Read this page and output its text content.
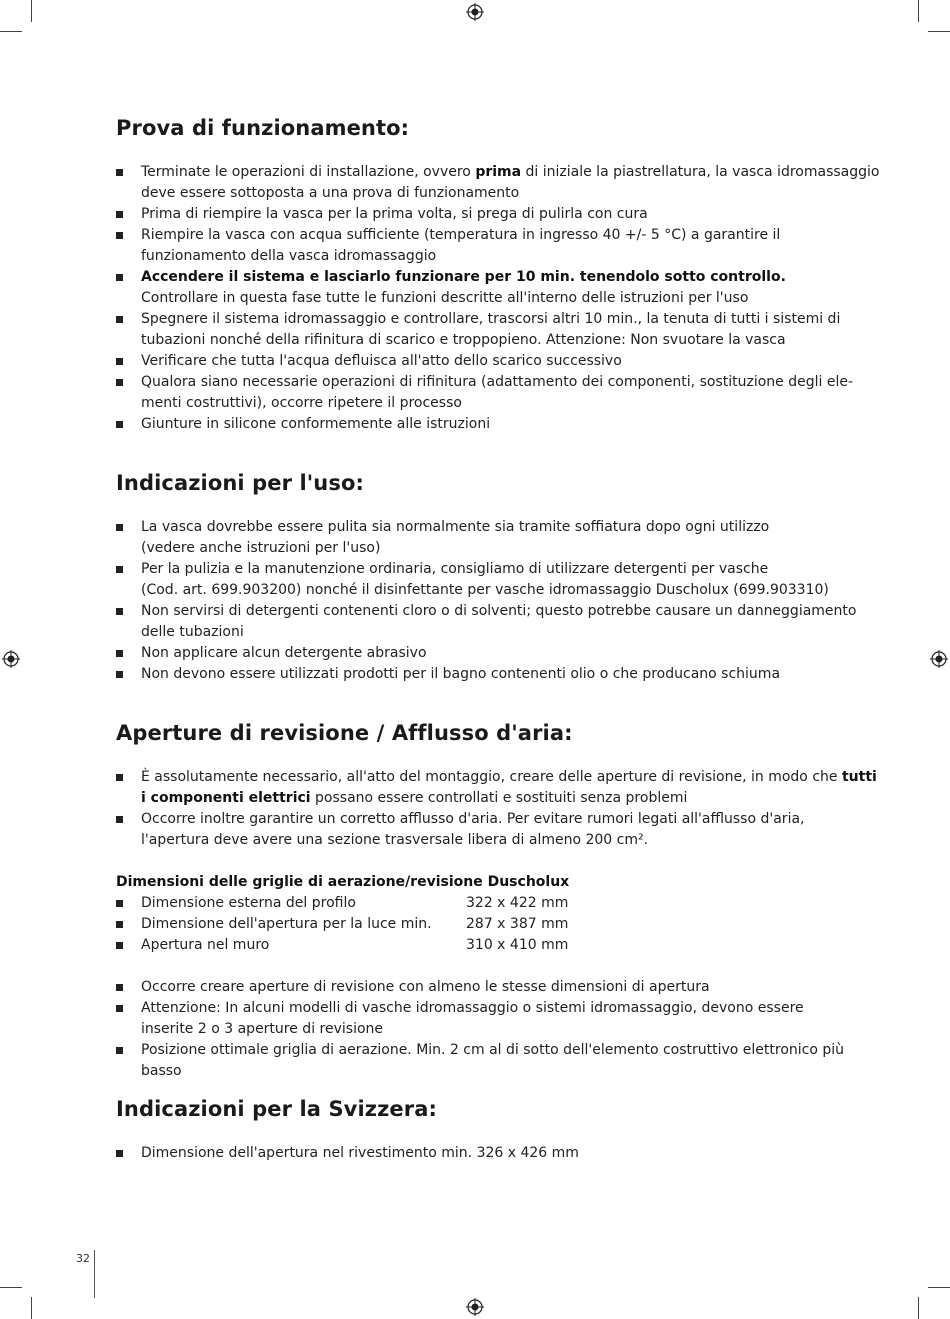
Prova di funzionamento:
Terminate le operazioni di installazione, ovvero prima di iniziale la piastrellatura, la vasca idromassaggio deve essere sottoposta a una prova di funzionamento
Prima di riempire la vasca per la prima volta, si prega di pulirla con cura
Riempire la vasca con acqua sufficiente (temperatura in ingresso 40 +/- 5 °C) a garantire il funzionamento della vasca idromassaggio
Accendere il sistema e lasciarlo funzionare per 10 min. tenendolo sotto controllo.
Controllare in questa fase tutte le funzioni descritte all'interno delle istruzioni per l'uso
Spegnere il sistema idromassaggio e controllare, trascorsi altri 10 min., la tenuta di tutti i sistemi di tubazioni nonché della rifinitura di scarico e troppopieno. Attenzione: Non svuotare la vasca
Verificare che tutta l'acqua defluisca all'atto dello scarico successivo
Qualora siano necessarie operazioni di rifinitura (adattamento dei componenti, sostituzione degli ele-menti costruttivi), occorre ripetere il processo
Giunture in silicone conformemente alle istruzioni
Indicazioni per l'uso:
La vasca dovrebbe essere pulita sia normalmente sia tramite soffiatura dopo ogni utilizzo
(vedere anche istruzioni per l'uso)
Per la pulizia e la manutenzione ordinaria, consigliamo di utilizzare detergenti per vasche
(Cod. art. 699.903200) nonché il disinfettante per vasche idromassaggio Duscholux (699.903310)
Non servirsi di detergenti contenenti cloro o di solventi; questo potrebbe causare un danneggiamento delle tubazioni
Non applicare alcun detergente abrasivo
Non devono essere utilizzati prodotti per il bagno contenenti olio o che producano schiuma
Aperture di revisione / Afflusso d'aria:
È assolutamente necessario, all'atto del montaggio, creare delle aperture di revisione, in modo che tutti i componenti elettrici possano essere controllati e sostituiti senza problemi
Occorre inoltre garantire un corretto afflusso d'aria. Per evitare rumori legati all'afflusso d'aria,
l'apertura deve avere una sezione trasversale libera di almeno 200 cm².
Dimensioni delle griglie di aerazione/revisione Duscholux
Dimensione esterna del profilo	322 x 422 mm
Dimensione dell'apertura per la luce min. 287 x 387 mm
Apertura nel muro	310 x 410 mm
Occorre creare aperture di revisione con almeno le stesse dimensioni di apertura
Attenzione: In alcuni modelli di vasche idromassaggio o sistemi idromassaggio, devono essere
inserite 2 o 3 aperture di revisione
Posizione ottimale griglia di aerazione. Min. 2 cm al di sotto dell'elemento costruttivo elettronico più basso
Indicazioni per la Svizzera:
Dimensione dell'apertura nel rivestimento min. 326 x 426 mm
32
